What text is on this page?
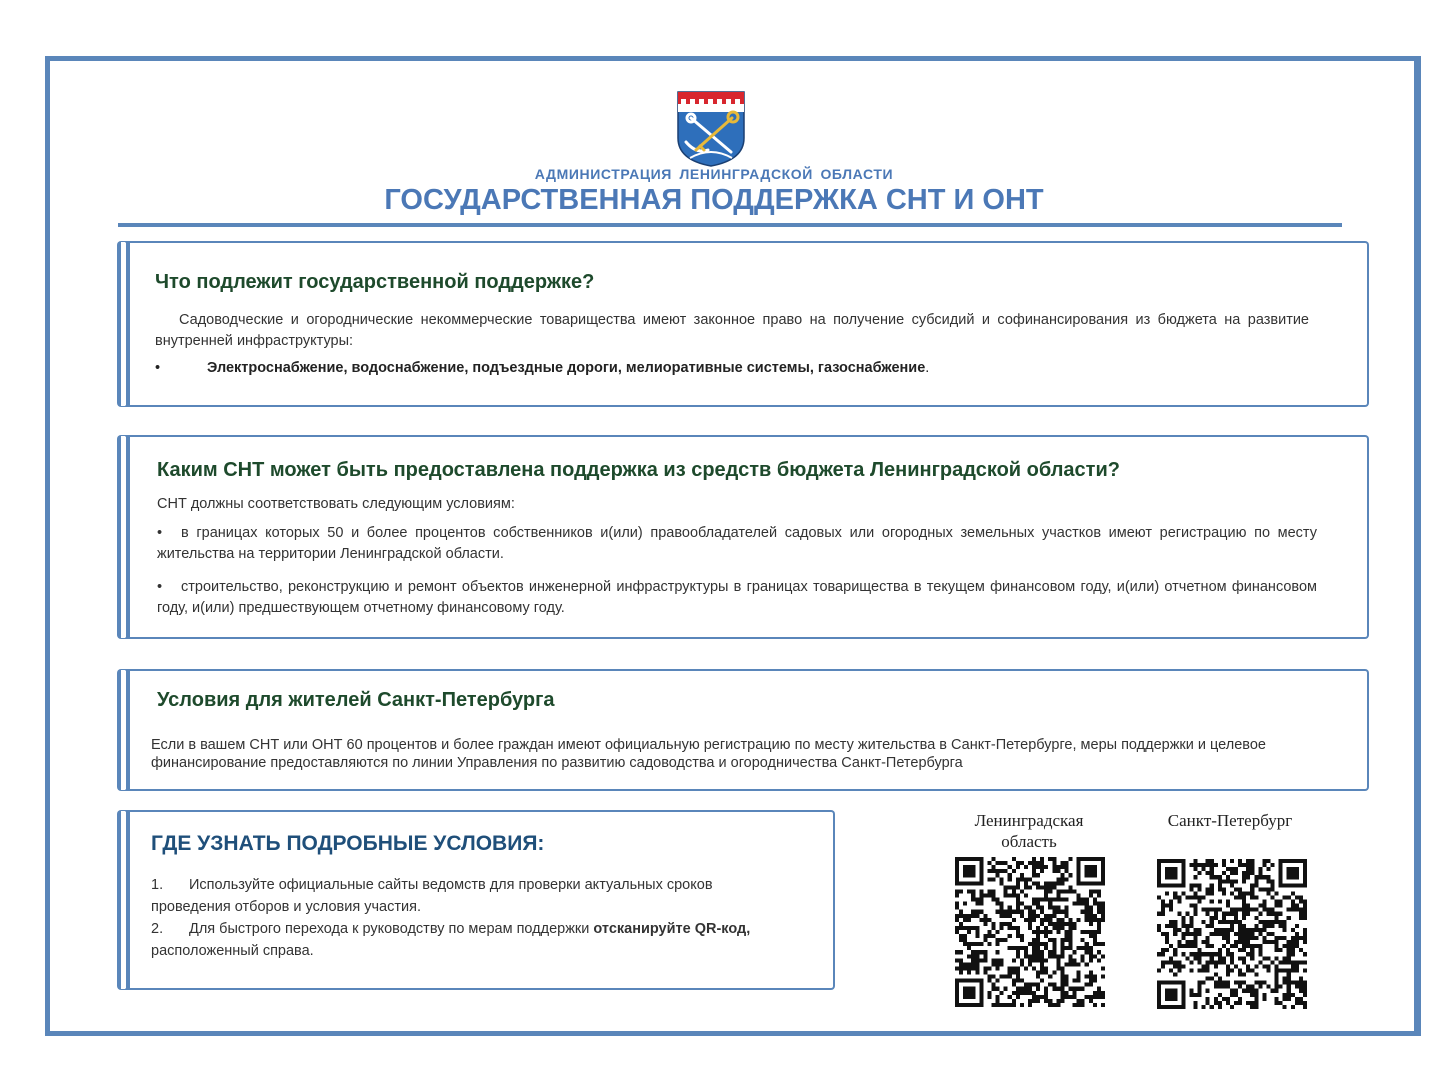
АДМИНИСТРАЦИЯ ЛЕНИНГРАДСКОЙ ОБЛАСТИ
ГОСУДАРСТВЕННАЯ ПОДДЕРЖКА СНТ И ОНТ
Что подлежит государственной поддержке?

Садоводческие и огороднические некоммерческие товарищества имеют законное право на получение субсидий и софинансирования из бюджета на развитие внутренней инфраструктуры:

•	Электроснабжение, водоснабжение, подъездные дороги, мелиоративные системы, газоснабжение.
Каким СНТ может быть предоставлена поддержка из средств бюджета Ленинградской области?

СНТ должны соответствовать следующим условиям:

• в границах которых 50 и более процентов собственников и(или) правообладателей садовых или огородных земельных участков имеют регистрацию по месту жительства на территории Ленинградской области.

• строительство, реконструкцию и ремонт объектов инженерной инфраструктуры в границах товарищества в текущем финансовом году, и(или) отчетном финансовом году, и(или) предшествующем отчетному финансовому году.

Условия для жителей Санкт-Петербурга

Если в вашем СНТ или ОНТ 60 процентов и более граждан имеют официальную регистрацию по месту жительства в Санкт-Петербурге, меры поддержки и целевое финансирование предоставляются по линии Управления по развитию садоводства и огородничества Санкт-Петербурга

ГДЕ УЗНАТЬ ПОДРОБНЫЕ УСЛОВИЯ:
1. Используйте официальные сайты ведомств для проверки актуальных сроков проведения отборов и условия участия.
2. Для быстрого перехода к руководству по мерам поддержки отсканируйте QR-код, расположенный справа.
Ленинградская область
Санкт-Петербург
